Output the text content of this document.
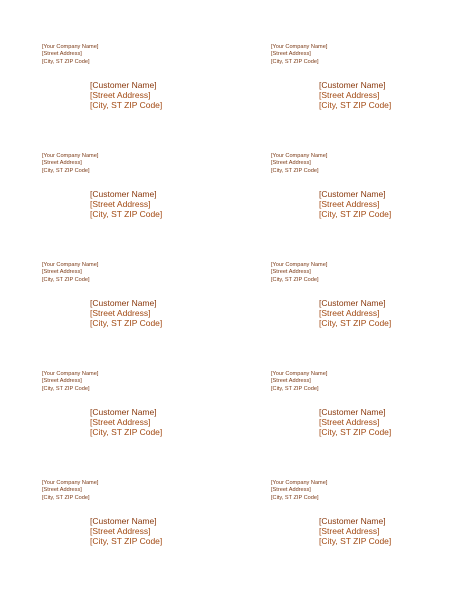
[Your Company Name]
[Street Address]
[City, ST ZIP Code]
[Customer Name]
[Street Address]
[City, ST ZIP Code]
[Your Company Name]
[Street Address]
[City, ST ZIP Code]
[Customer Name]
[Street Address]
[City, ST ZIP Code]
[Your Company Name]
[Street Address]
[City, ST ZIP Code]
[Customer Name]
[Street Address]
[City, ST ZIP Code]
[Your Company Name]
[Street Address]
[City, ST ZIP Code]
[Customer Name]
[Street Address]
[City, ST ZIP Code]
[Your Company Name]
[Street Address]
[City, ST ZIP Code]
[Customer Name]
[Street Address]
[City, ST ZIP Code]
[Your Company Name]
[Street Address]
[City, ST ZIP Code]
[Customer Name]
[Street Address]
[City, ST ZIP Code]
[Your Company Name]
[Street Address]
[City, ST ZIP Code]
[Customer Name]
[Street Address]
[City, ST ZIP Code]
[Your Company Name]
[Street Address]
[City, ST ZIP Code]
[Customer Name]
[Street Address]
[City, ST ZIP Code]
[Your Company Name]
[Street Address]
[City, ST ZIP Code]
[Customer Name]
[Street Address]
[City, ST ZIP Code]
[Your Company Name]
[Street Address]
[City, ST ZIP Code]
[Customer Name]
[Street Address]
[City, ST ZIP Code]
